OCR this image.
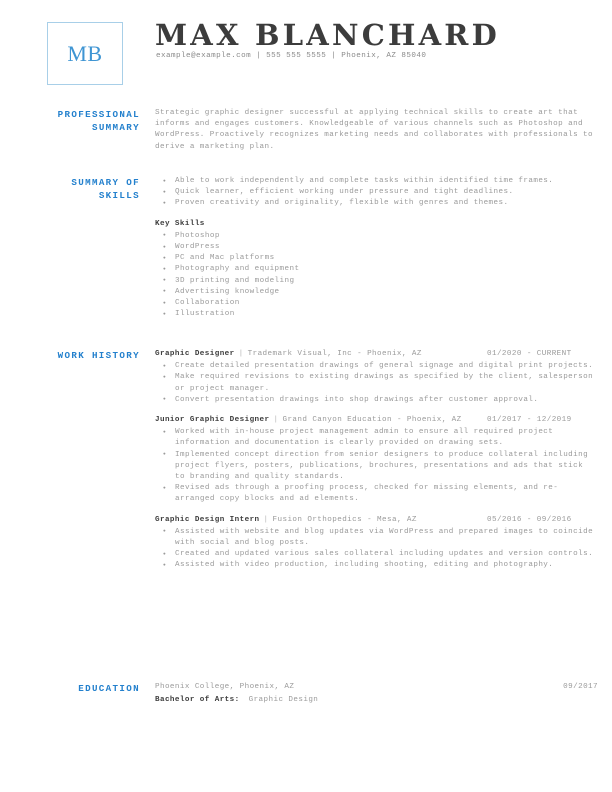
MB
MAX BLANCHARD
example@example.com | 555 555 5555 | Phoenix, AZ 85040
PROFESSIONAL
SUMMARY
Strategic graphic designer successful at applying technical skills to create art that informs and engages customers. Knowledgeable of various channels such as Photoshop and WordPress. Proactively recognizes marketing needs and collaborates with professionals to derive a marketing plan.
SUMMARY OF
SKILLS
● Able to work independently and complete tasks within identified time frames.
● Quick learner, efficient working under pressure and tight deadlines.
● Proven creativity and originality, flexible with genres and themes.
Key Skills
● Photoshop
● WordPress
● PC and Mac platforms
● Photography and equipment
● 3D printing and modeling
● Advertising knowledge
● Collaboration
● Illustration
WORK HISTORY Graphic Designer | Trademark Visual, Inc - Phoenix, AZ	01/2020 - CURRENT
● Create detailed presentation drawings of general signage and digital print projects.
● Make required revisions to existing drawings as specified by the client, salesperson or project manager.
● Convert presentation drawings into shop drawings after customer approval.
Junior Graphic Designer | Grand Canyon Education - Phoenix, AZ	01/2017 - 12/2019
● Worked with in-house project management admin to ensure all required project information and documentation is clearly provided on drawing sets.
● Implemented concept direction from senior designers to produce collateral including project flyers, posters, publications, brochures, presentations and ads that stick to branding and quality standards.
● Revised ads through a proofing process, checked for missing elements, and re-arranged copy blocks and ad elements.
Graphic Design Intern | Fusion Orthopedics - Mesa, AZ	05/2016 - 09/2016
● Assisted with website and blog updates via WordPress and prepared images to coincide with social and blog posts.
● Created and updated various sales collateral including updates and version controls.
● Assisted with video production, including shooting, editing and photography.
EDUCATION Phoenix College, Phoenix, AZ	09/2017
Bachelor of Arts: Graphic Design
